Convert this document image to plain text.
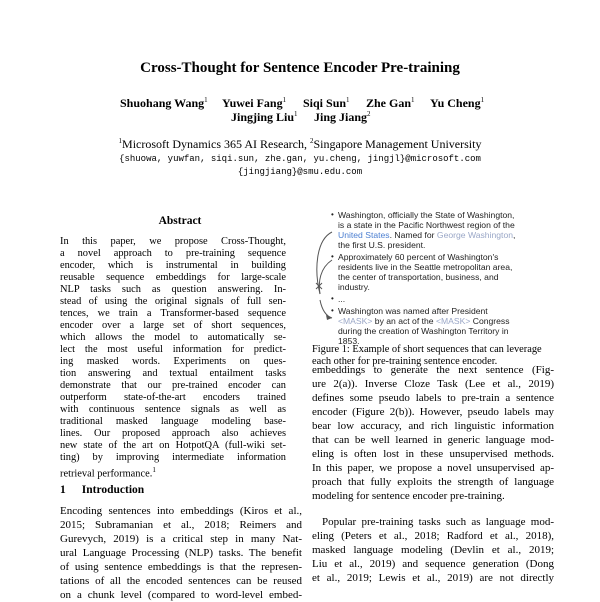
Cross-Thought for Sentence Encoder Pre-training
Shuohang Wang$^1$ Yuwei Fang$^1$ Siqi Sun$^1$ Zhe Gan$^1$ Yu Cheng$^1$
Jingjing Liu$^1$ Jing Jiang$^2$
$^1$Microsoft Dynamics 365 AI Research, $^2$Singapore Management University
{shuowa, yuwfan, siqi.sun, zhe.gan, yu.cheng, jingjl}@microsoft.com
{jingjiang}@smu.edu.com
Abstract
In this paper, we propose Cross-Thought,
a novel approach to pre-training sequence
encoder, which is instrumental in building
reusable sequence embeddings for large-scale
NLP tasks such as question answering. In-
stead of using the original signals of full sen-
tences, we train a Transformer-based sequence
encoder over a large set of short sequences,
which allows the model to automatically se-
lect the most useful information for predict-
ing masked words. Experiments on ques-
tion answering and textual entailment tasks
demonstrate that our pre-trained encoder can
outperform state-of-the-art encoders trained
with continuous sentence signals as well as
traditional masked language modeling base-
lines. Our proposed approach also achieves
new state of the art on HotpotQA (full-wiki set-
ting) by improving intermediate information
retrieval performance.$^1$
1 Introduction
Encoding sentences into embeddings (Kiros et al.,
2015; Subramanian et al., 2018; Reimers and
Gurevych, 2019) is a critical step in many Nat-
ural Language Processing (NLP) tasks. The benefit
of using sentence embeddings is that the represen-
tations of all the encoded sentences can be reused
on a chunk level (compared to word-level embed-
• Washington, officially the State of Washington,
is a state in the Pacific Northwest region of the
United States. Named for George Washington,
the first U.S. president.
• Approximately 60 percent of Washington's
residents live in the Seattle metropolitan area,
the center of transportation, business, and
industry.
• ...
• Washington was named after President
<MASK> by an act of the <MASK> Congress
during the creation of Washington Territory in
1853.
Figure 1: Example of short sequences that can leverage
each other for pre-training sentence encoder.
embeddings to generate the next sentence (Fig-
ure 2(a)). Inverse Cloze Task (Lee et al., 2019)
defines some pseudo labels to pre-train a sentence
encoder (Figure 2(b)). However, pseudo labels may
bear low accuracy, and rich linguistic information
that can be well learned in generic language mod-
eling is often lost in these unsupervised methods.
In this paper, we propose a novel unsupervised ap-
proach that fully exploits the strength of language
modeling for sentence encoder pre-training.
Popular pre-training tasks such as language mod-
eling (Peters et al., 2018; Radford et al., 2018),
masked language modeling (Devlin et al., 2019;
Liu et al., 2019) and sequence generation (Dong
et al., 2019; Lewis et al., 2019) are not directly
